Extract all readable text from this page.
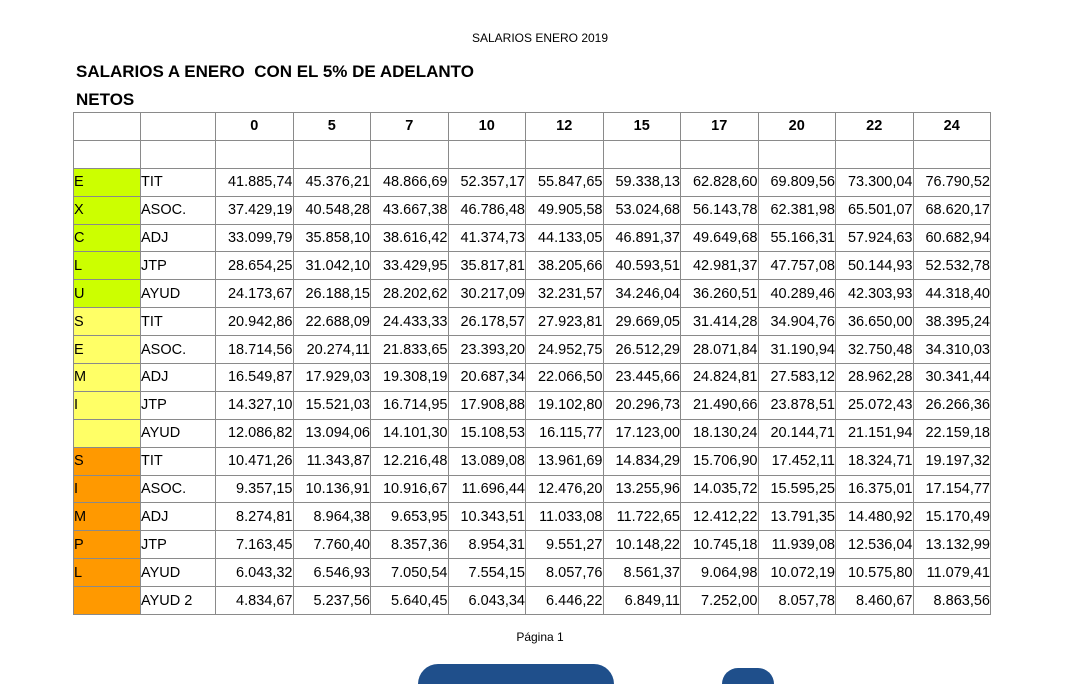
SALARIOS ENERO 2019
SALARIOS A ENERO  CON EL 5% DE ADELANTO
NETOS
		0	5	7	10	12	15	17	20	22	24

E	TIT	41.885,74	45.376,21	48.866,69	52.357,17	55.847,65	59.338,13	62.828,60	69.809,56	73.300,04	76.790,52
X	ASOC.	37.429,19	40.548,28	43.667,38	46.786,48	49.905,58	53.024,68	56.143,78	62.381,98	65.501,07	68.620,17
C	ADJ	33.099,79	35.858,10	38.616,42	41.374,73	44.133,05	46.891,37	49.649,68	55.166,31	57.924,63	60.682,94
L	JTP	28.654,25	31.042,10	33.429,95	35.817,81	38.205,66	40.593,51	42.981,37	47.757,08	50.144,93	52.532,78
U	AYUD	24.173,67	26.188,15	28.202,62	30.217,09	32.231,57	34.246,04	36.260,51	40.289,46	42.303,93	44.318,40
S	TIT	20.942,86	22.688,09	24.433,33	26.178,57	27.923,81	29.669,05	31.414,28	34.904,76	36.650,00	38.395,24
E	ASOC.	18.714,56	20.274,11	21.833,65	23.393,20	24.952,75	26.512,29	28.071,84	31.190,94	32.750,48	34.310,03
M	ADJ	16.549,87	17.929,03	19.308,19	20.687,34	22.066,50	23.445,66	24.824,81	27.583,12	28.962,28	30.341,44
I	JTP	14.327,10	15.521,03	16.714,95	17.908,88	19.102,80	20.296,73	21.490,66	23.878,51	25.072,43	26.266,36
	AYUD	12.086,82	13.094,06	14.101,30	15.108,53	16.115,77	17.123,00	18.130,24	20.144,71	21.151,94	22.159,18
S	TIT	10.471,26	11.343,87	12.216,48	13.089,08	13.961,69	14.834,29	15.706,90	17.452,11	18.324,71	19.197,32
I	ASOC.	9.357,15	10.136,91	10.916,67	11.696,44	12.476,20	13.255,96	14.035,72	15.595,25	16.375,01	17.154,77
M	ADJ	8.274,81	8.964,38	9.653,95	10.343,51	11.033,08	11.722,65	12.412,22	13.791,35	14.480,92	15.170,49
P	JTP	7.163,45	7.760,40	8.357,36	8.954,31	9.551,27	10.148,22	10.745,18	11.939,08	12.536,04	13.132,99
L	AYUD	6.043,32	6.546,93	7.050,54	7.554,15	8.057,76	8.561,37	9.064,98	10.072,19	10.575,80	11.079,41
	AYUD 2	4.834,67	5.237,56	5.640,45	6.043,34	6.446,22	6.849,11	7.252,00	8.057,78	8.460,67	8.863,56
Página 1
